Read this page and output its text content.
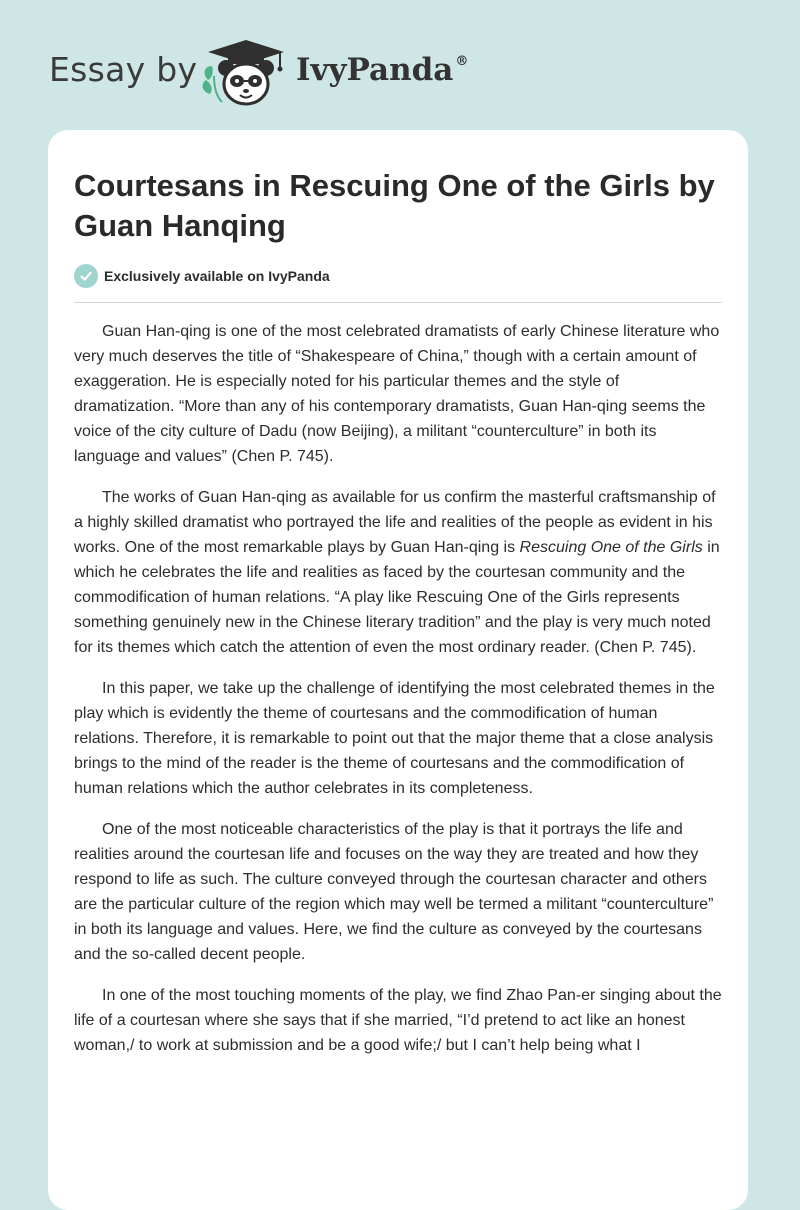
Essay by	IvyPanda ®
Courtesans in Rescuing One of the Girls by Guan Hanqing
Exclusively available on IvyPanda

Guan Han-qing is one of the most celebrated dramatists of early Chinese literature who very much deserves the title of “Shakespeare of China,” though with a certain amount of exaggeration. He is especially noted for his particular themes and the style of dramatization. “More than any of his contemporary dramatists, Guan Han-qing seems the voice of the city culture of Dadu (now Beijing), a militant “counterculture” in both its language and values” (Chen P. 745).

The works of Guan Han-qing as available for us confirm the masterful craftsmanship of a highly skilled dramatist who portrayed the life and realities of the people as evident in his works. One of the most remarkable plays by Guan Han-qing is Rescuing One of the Girls in which he celebrates the life and realities as faced by the courtesan community and the commodification of human relations. “A play like Rescuing One of the Girls represents something genuinely new in the Chinese literary tradition” and the play is very much noted for its themes which catch the attention of even the most ordinary reader. (Chen P. 745).

In this paper, we take up the challenge of identifying the most celebrated themes in the play which is evidently the theme of courtesans and the commodification of human relations. Therefore, it is remarkable to point out that the major theme that a close analysis brings to the mind of the reader is the theme of courtesans and the commodification of human relations which the author celebrates in its completeness.

One of the most noticeable characteristics of the play is that it portrays the life and realities around the courtesan life and focuses on the way they are treated and how they respond to life as such. The culture conveyed through the courtesan character and others are the particular culture of the region which may well be termed a militant “counterculture” in both its language and values. Here, we find the culture as conveyed by the courtesans and the so-called decent people.

In one of the most touching moments of the play, we find Zhao Pan-er singing about the life of a courtesan where she says that if she married, “I’d pretend to act like an honest woman,/ to work at submission and be a good wife;/ but I can’t help being what I
